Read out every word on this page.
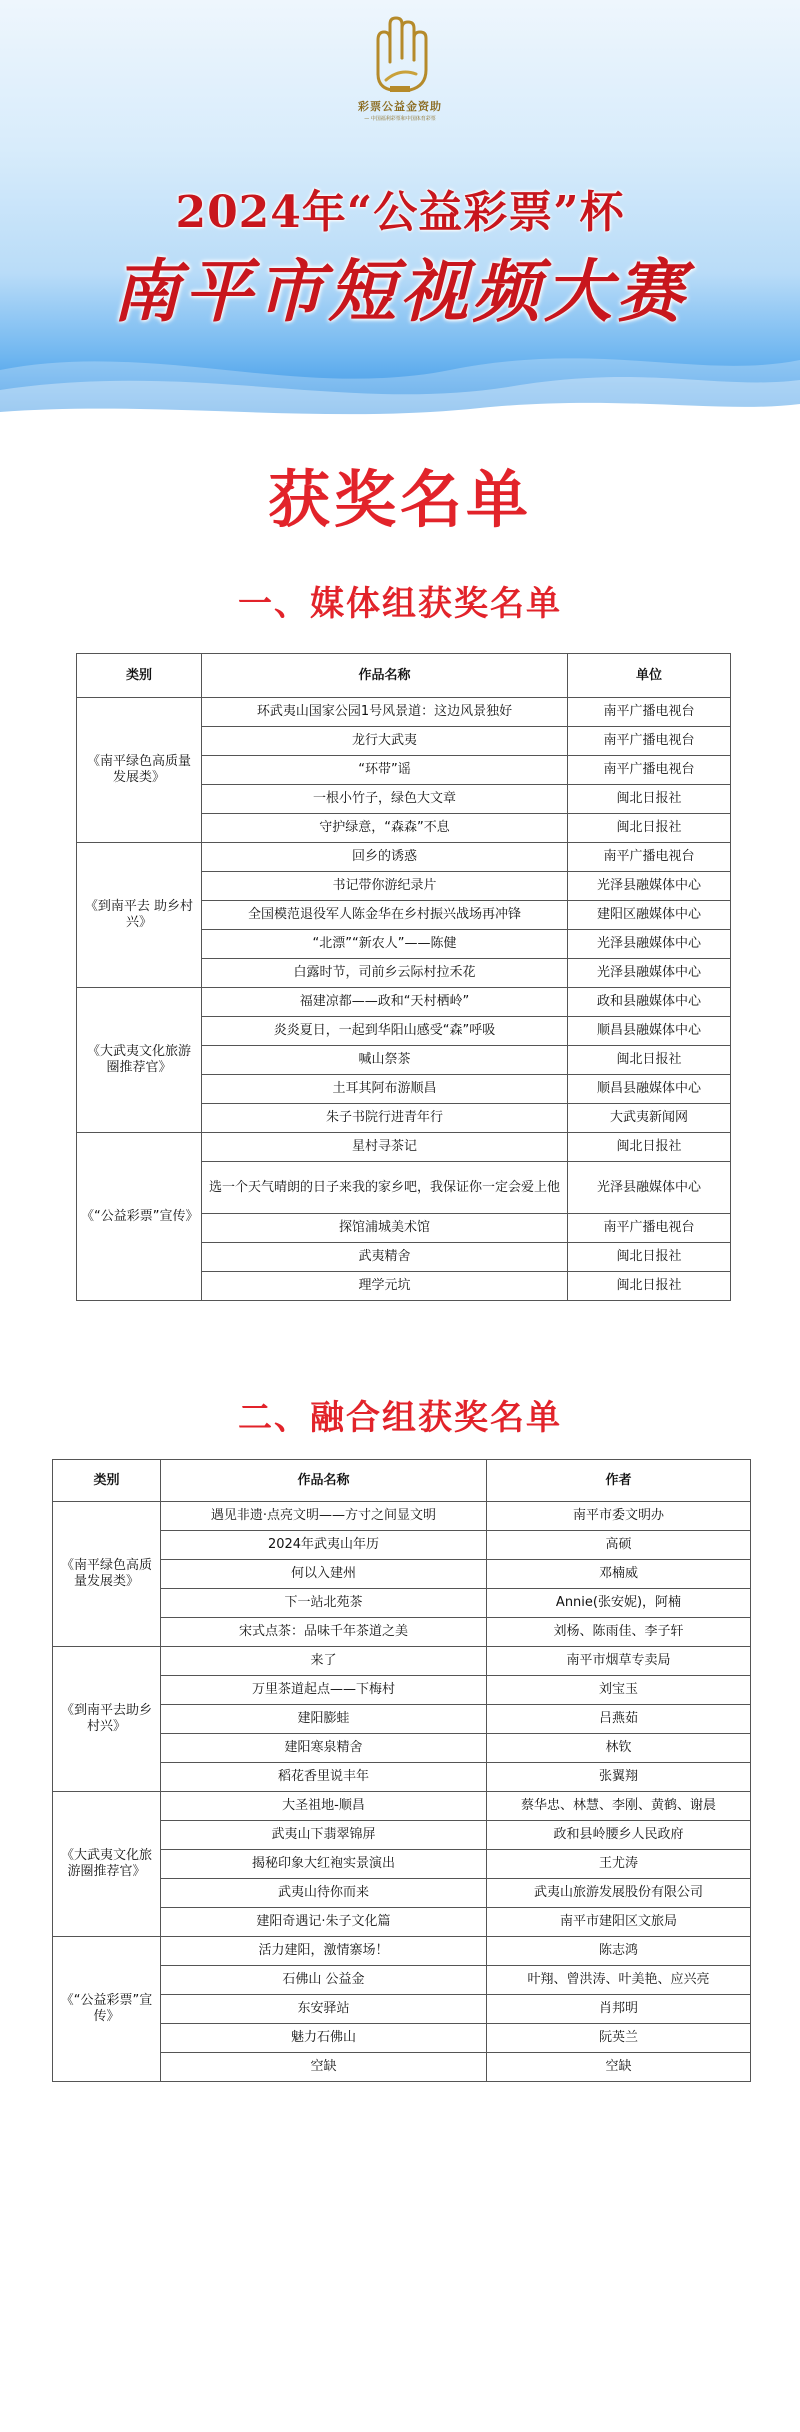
彩票公益金资助
— 中国福利彩票和中国体育彩票
2024年“公益彩票”杯
南平市短视频大赛
获奖名单
一、媒体组获奖名单
类别	作品名称	单位
《南平绿色高质量发展类》	环武夷山国家公园1号风景道：这边风景独好	南平广播电视台
	龙行大武夷	南平广播电视台
	“环带”谣	南平广播电视台
	一根小竹子，绿色大文章	闽北日报社
	守护绿意，“森森”不息	闽北日报社
《到南平去 助乡村兴》	回乡的诱惑	南平广播电视台
	书记带你游纪录片	光泽县融媒体中心
	全国模范退役军人陈金华在乡村振兴战场再冲锋	建阳区融媒体中心
	“北漂”“新农人”——陈健	光泽县融媒体中心
	白露时节，司前乡云际村拉禾花	光泽县融媒体中心
《大武夷文化旅游圈推荐官》	福建凉都——政和“天村栖岭”	政和县融媒体中心
	炎炎夏日，一起到华阳山感受“森”呼吸	顺昌县融媒体中心
	喊山祭茶	闽北日报社
	土耳其阿布游顺昌	顺昌县融媒体中心
	朱子书院行进青年行	大武夷新闻网
《“公益彩票”宣传》	星村寻茶记	闽北日报社
	选一个天气晴朗的日子来我的家乡吧，我保证你一定会爱上他	光泽县融媒体中心
	探馆浦城美术馆	南平广播电视台
	武夷精舍	闽北日报社
	理学元坑	闽北日报社
二、融合组获奖名单
类别	作品名称	作者
《南平绿色高质量发展类》	遇见非遗·点亮文明——方寸之间显文明	南平市委文明办
	2024年武夷山年历	高硕
	何以入建州	邓楠威
	下一站北苑茶	Annie(张安妮)，阿楠
	宋式点茶：品味千年茶道之美	刘杨、陈雨佳、李子轩
《到南平去助乡村兴》	来了	南平市烟草专卖局
	万里茶道起点——下梅村	刘宝玉
	建阳膨蛙	吕燕茹
	建阳寒泉精舍	林钦
	稻花香里说丰年	张翼翔
《大武夷文化旅游圈推荐官》	大圣祖地-顺昌	蔡华忠、林慧、李刚、黄鹤、谢晨
	武夷山下翡翠锦屏	政和县岭腰乡人民政府
	揭秘印象大红袍实景演出	王尤涛
	武夷山待你而来	武夷山旅游发展股份有限公司
	建阳奇遇记·朱子文化篇	南平市建阳区文旅局
《“公益彩票”宣传》	活力建阳，激情寨场！	陈志鸿
	石佛山 公益金	叶翔、曾洪涛、叶美艳、应兴亮
	东安驿站	肖邦明
	魅力石佛山	阮英兰
	空缺	空缺
